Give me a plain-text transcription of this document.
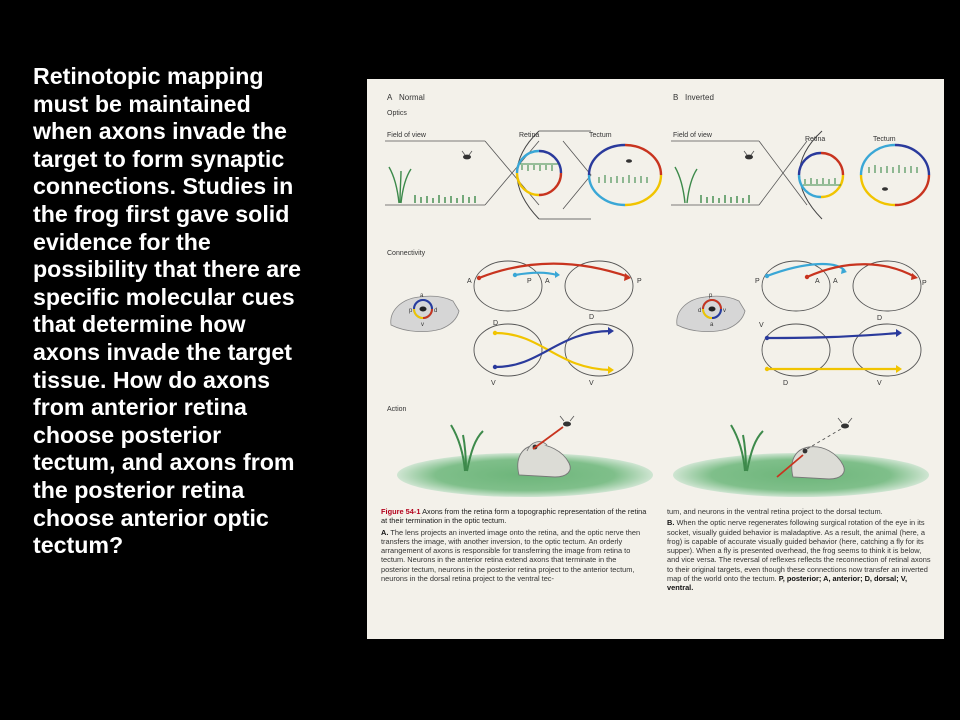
Retinotopic mapping
must be maintained
when axons invade the
target to form synaptic
connections. Studies in
the frog first gave solid
evidence for the
possibility that there are
specific molecular cues
that determine how
axons invade the target
tissue. How do axons
from anterior retina
choose posterior
tectum, and axons from
the posterior retina
choose anterior optic
tectum?
A Normal
Optics
B Inverted
Field of view	Retina	Tectum	Field of view
Retina	Tectum
Connectivity
a
p	d
v
A	P
P A
D
D
V	V
p
d	v
a
P	P
A A
V
D
D	V
Action

Figure 54-1 Axons from the retina form a topographic representation of the retina at their termination in the optic tectum.

A. The lens projects an inverted image onto the retina, and the optic nerve then transfers the image, with another inversion, to the optic tectum. An orderly arrangement of axons is responsible for transferring the image from retina to tectum. Neurons in the anterior retina extend axons that terminate in the posterior tectum, neurons in the posterior retina project to the anterior tectum, neurons in the dorsal retina project to the ventral tec-

tum, and neurons in the ventral retina project to the dorsal tectum.

B. When the optic nerve regenerates following surgical rotation of the eye in its socket, visually guided behavior is maladaptive. As a result, the animal (here, a frog) is capable of accurate visually guided behavior (here, catching a fly for its supper). When a fly is presented overhead, the frog seems to think it is below, and vice versa. The reversal of reflexes reflects the reconnection of retinal axons to their original targets, even though these connections now transfer an inverted map of the world onto the tectum. P, posterior; A, anterior; D, dorsal; V, ventral.
